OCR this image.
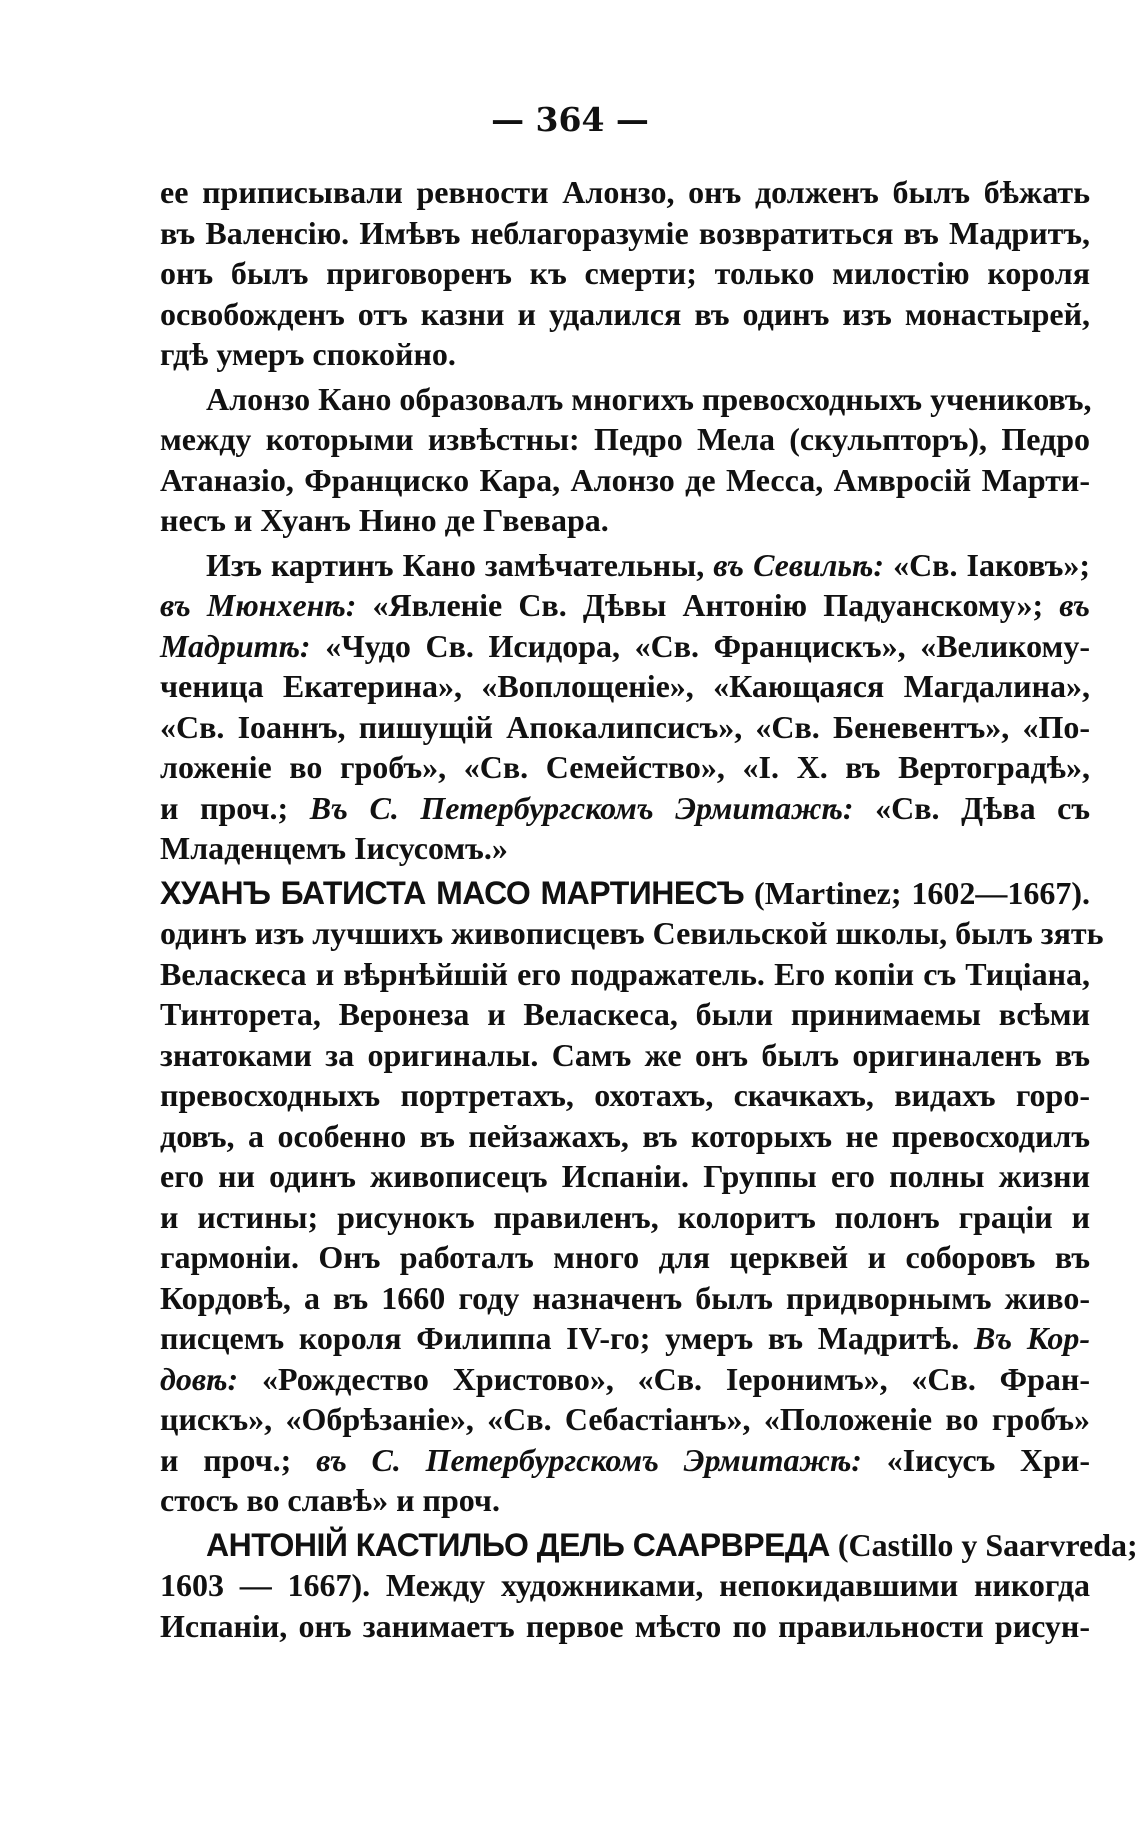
— 364 —
ее приписывали ревности Алонзо, онъ долженъ былъ бѣжать
въ Валенсiю. Имѣвъ неблагоразумiе возвратиться въ Мадритъ,
онъ былъ приговоренъ къ смерти; только милостiю короля
освобожденъ отъ казни и удалился въ одинъ изъ монастырей,
гдѣ умеръ спокойно.
Алонзо Кано образовалъ многихъ превосходныхъ учениковъ,
между которыми извѣстны: Педро Мела (скульпторъ), Педро
Атаназiо, Франциско Кара, Алонзо де Месса, Амвросiй Марти-
несъ и Хуанъ Нино де Гвевара.
Изъ картинъ Кано замѣчательны, въ Севильѣ: «Св. Iаковъ»;
въ Мюнхенѣ: «Явленiе Св. Дѣвы Антонiю Падуанскому»; въ
Мадритѣ: «Чудо Св. Исидора, «Св. Францискъ», «Великому-
ченица Екатерина», «Воплощенiе», «Кающаяся Магдалина»,
«Св. Iоаннъ, пишущiй Апокалипсисъ», «Св. Беневентъ», «По-
ложенiе во гробъ», «Св. Семейство», «I. Х. въ Вертоградѣ»,
и проч.; Въ С. Петербургскомъ Эрмитажѣ: «Св. Дѣва съ
Младенцемъ Iисусомъ.»
ХУАНЪ БАТИСТА МАСО МАРТИНЕСЪ (Martinez; 1602—1667).
одинъ изъ лучшихъ живописцевъ Севильской школы, былъ зять
Веласкеса и вѣрнѣйшiй его подражатель. Его копiи съ Тицiана,
Тинторета, Веронеза и Веласкеса, были принимаемы всѣми
знатоками за оригиналы. Самъ же онъ былъ оригиналенъ въ
превосходныхъ портретахъ, охотахъ, скачкахъ, видахъ горо-
довъ, а особенно въ пейзажахъ, въ которыхъ не превосходилъ
его ни одинъ живописецъ Испанiи. Группы его полны жизни
и истины; рисунокъ правиленъ, колоритъ полонъ грацiи и
гармонiи. Онъ работалъ много для церквей и соборовъ въ
Кордовѣ, а въ 1660 году назначенъ былъ придворнымъ живо-
писцемъ короля Филиппа IV-го; умеръ въ Мадритѣ. Въ Кор-
довѣ: «Рождество Христово», «Св. Iеронимъ», «Св. Фран-
цискъ», «Обрѣзанiе», «Св. Себастiанъ», «Положенiе во гробъ»
и проч.; въ С. Петербургскомъ Эрмитажѣ: «Iисусъ Хри-
стосъ во славѣ» и проч.
АНТОНIЙ КАСТИЛЬО ДЕЛЬ СААРВРЕДА (Castillo y Saarvreda;
1603 — 1667). Между художниками, непокидавшими никогда
Испанiи, онъ занимаетъ первое мѣсто по правильности рисун-
